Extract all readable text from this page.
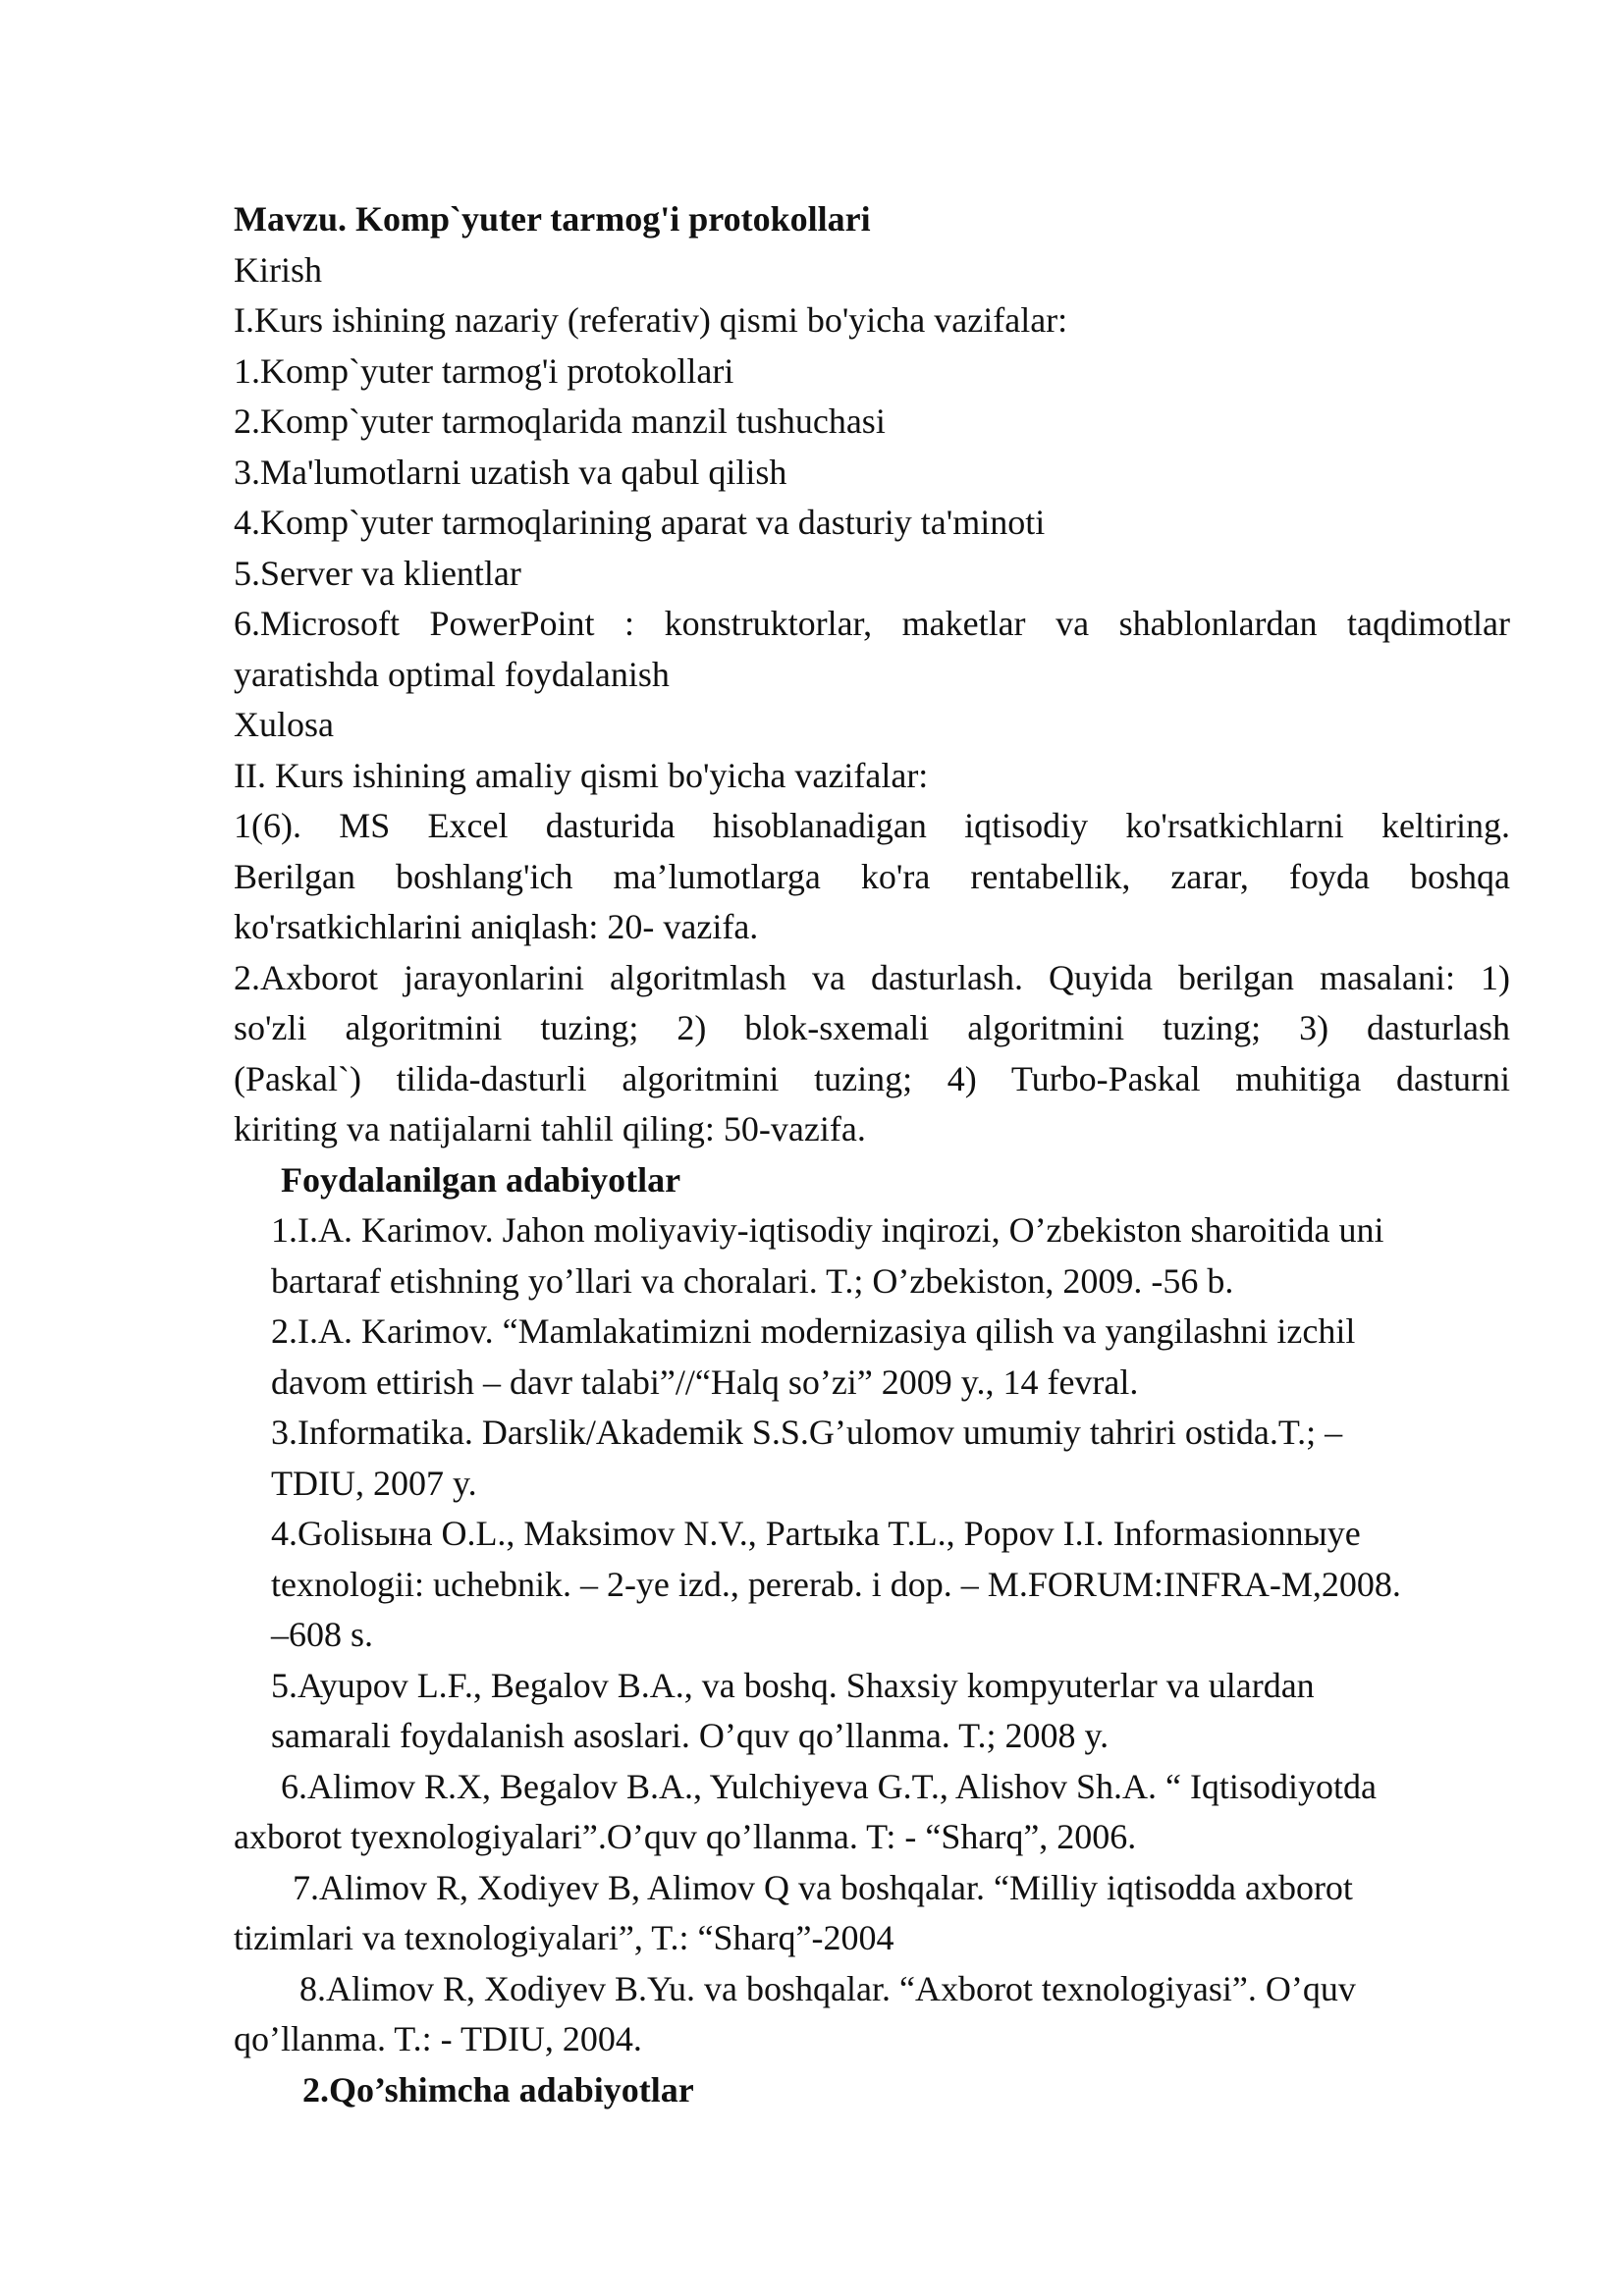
Mavzu. Komp`yuter tarmog'i protokollari
Kirish
I.Kurs ishining nazariy (referativ) qismi bo'yicha vazifalar:
1.Komp`yuter tarmog'i protokollari
2.Komp`yuter tarmoqlarida manzil tushuchasi
3.Ma'lumotlarni uzatish va qabul qilish
4.Komp`yuter tarmoqlarining aparat va dasturiy ta'minoti
5.Server va klientlar
6.Microsoft PowerPoint : konstruktorlar, maketlar va shablonlardan taqdimotlar
yaratishda optimal foydalanish
Xulosa
II. Kurs ishining amaliy qismi bo'yicha vazifalar:
1(6). MS Excel dasturida hisoblanadigan iqtisodiy ko'rsatkichlarni keltiring.
Berilgan boshlang'ich ma’lumotlarga ko'ra rentabellik, zarar, foyda boshqa
ko'rsatkichlarini aniqlash: 20- vazifa.
2.Axborot jarayonlarini algoritmlash va dasturlash. Quyida berilgan masalani: 1)
so'zli algoritmini tuzing; 2) blok-sxemali algoritmini tuzing; 3) dasturlash
(Paskal`) tilida-dasturli algoritmini tuzing; 4) Turbo-Paskal muhitiga dasturni
kiriting va natijalarni tahlil qiling: 50-vazifa.
Foydalanilgan adabiyotlar
1.I.A. Karimov. Jahon moliyaviy-iqtisodiy inqirozi, O’zbekiston sharoitida uni
bartaraf etishning yo’llari va choralari. T.; O’zbekiston, 2009. -56 b.
2.I.A. Karimov. “Mamlakatimizni modernizasiya qilish va yangilashni izchil
davom ettirish – davr talabi”//“Halq so’zi” 2009 y., 14 fevral.
3.Informatika. Darslik/Akademik S.S.G’ulomov umumiy tahriri ostida.T.; –
TDIU, 2007 y.
4.Golisына O.L., Maksimov N.V., Partыka T.L., Popov I.I. Informasionnыye
texnologii: uchebnik. – 2-ye izd., pererab. i dop. – M.FORUM:INFRA-M,2008.
–608 s.
5.Ayupov L.F., Begalov B.A., va boshq. Shaxsiy kompyuterlar va ulardan
samarali foydalanish asoslari. O’quv qo’llanma. T.; 2008 y.
6.Alimov R.X, Begalov B.A., Yulchiyeva G.T., Alishov Sh.A. “ Iqtisodiyotda
axborot tyexnologiyalari”.O’quv qo’llanma. T: - “Sharq”, 2006.
7.Alimov R, Xodiyev B, Alimov Q va boshqalar. “Milliy iqtisodda axborot
tizimlari va texnologiyalari”, T.: “Sharq”-2004
8.Alimov R, Xodiyev B.Yu. va boshqalar. “Axborot texnologiyasi”. O’quv
qo’llanma. T.: - TDIU, 2004.
2.Qo’shimcha adabiyotlar
